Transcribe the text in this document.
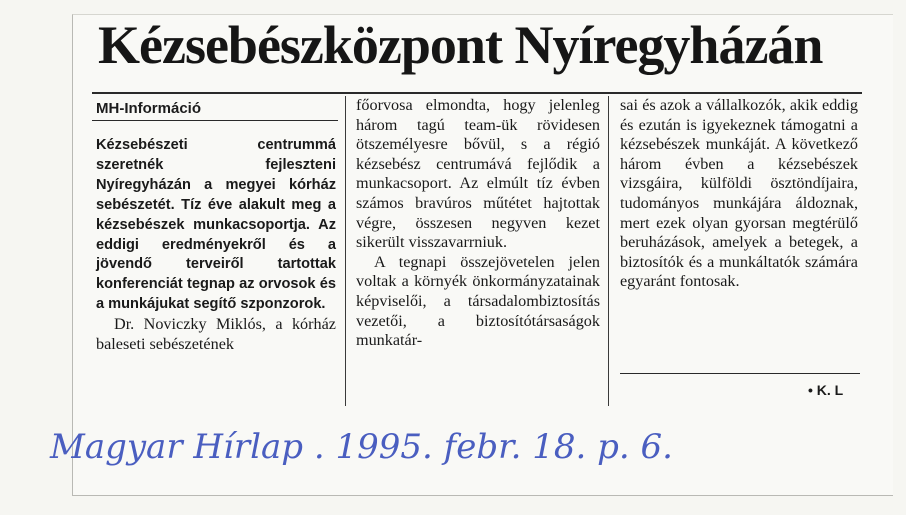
Kézsebészközpont Nyíregyházán
MH-Információ

Kézsebészeti centrummá szeretnék fejleszteni Nyíregyházán a megyei kórház sebészetét. Tíz éve alakult meg a kézsebészek munkacsoportja. Az eddigi eredményekről és a jövendő terveiről tartottak konferenciát tegnap az orvosok és a munkájukat segítő szponzorok.

Dr. Noviczky Miklós, a kórház baleseti sebészetének

főorvosa elmondta, hogy jelenleg három tagú team-ük rövidesen ötszemélyesre bővül, s a régió kézsebész centrumává fejlődik a munkacsoport. Az elmúlt tíz évben számos bravúros műtétet hajtottak végre, összesen negyven kezet sikerült visszavarrniuk.

A tegnapi összejövetelen jelen voltak a környék önkormányzatainak képviselői, a társadalombiztosítás vezetői, a biztosítótársaságok munkatár-

sai és azok a vállalkozók, akik eddig és ezután is igyekeznek támogatni a kézsebészek munkáját. A következő három évben a kézsebészek vizsgáira, külföldi ösztöndíjaira, tudományos munkájára áldoznak, mert ezek olyan gyorsan megtérülő beruházások, amelyek a betegek, a biztosítók és a munkáltatók számára egyaránt fontosak.

• K. L
Magyar Hírlap . 1995. febr. 18. p. 6.
